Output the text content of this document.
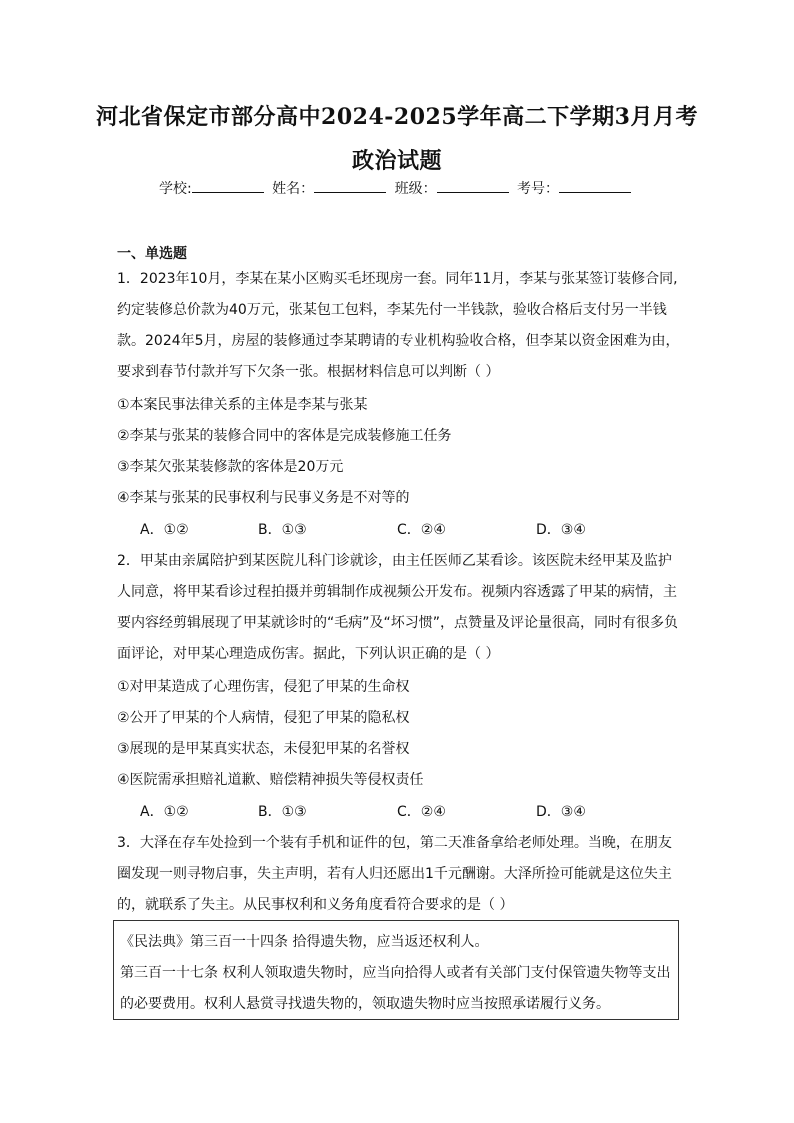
河北省保定市部分高中2024-2025学年高二下学期3月月考
政治试题
学校:	姓名：	班级：	考号：
一、单选题
1．2023年10月，李某在某小区购买毛坯现房一套。同年11月，李某与张某签订装修合同,
约定装修总价款为40万元，张某包工包料，李某先付一半钱款，验收合格后支付另一半钱
款。2024年5月，房屋的装修通过李某聘请的专业机构验收合格，但李某以资金困难为由，
要求到春节付款并写下欠条一张。根据材料信息可以判断（ ）
①本案民事法律关系的主体是李某与张某
②李某与张某的装修合同中的客体是完成装修施工任务
③李某欠张某装修款的客体是20万元
④李某与张某的民事权利与民事义务是不对等的
A．①②	B．①③	C．②④	D．③④
2．甲某由亲属陪护到某医院儿科门诊就诊，由主任医师乙某看诊。该医院未经甲某及监护
人同意，将甲某看诊过程拍摄并剪辑制作成视频公开发布。视频内容透露了甲某的病情，主
要内容经剪辑展现了甲某就诊时的“毛病”及“坏习惯”，点赞量及评论量很高，同时有很多负
面评论，对甲某心理造成伤害。据此，下列认识正确的是（ ）
①对甲某造成了心理伤害，侵犯了甲某的生命权
②公开了甲某的个人病情，侵犯了甲某的隐私权
③展现的是甲某真实状态，未侵犯甲某的名誉权
④医院需承担赔礼道歉、赔偿精神损失等侵权责任
A．①②	B．①③	C．②④	D．③④
3．大泽在存车处捡到一个装有手机和证件的包，第二天准备拿给老师处理。当晚，在朋友
圈发现一则寻物启事，失主声明，若有人归还愿出1千元酬谢。大泽所捡可能就是这位失主
的，就联系了失主。从民事权利和义务角度看符合要求的是（ ）
《民法典》第三百一十四条 拾得遗失物，应当返还权利人。
第三百一十七条 权利人领取遗失物时，应当向拾得人或者有关部门支付保管遗失物等支出
的必要费用。权利人悬赏寻找遗失物的，领取遗失物时应当按照承诺履行义务。
